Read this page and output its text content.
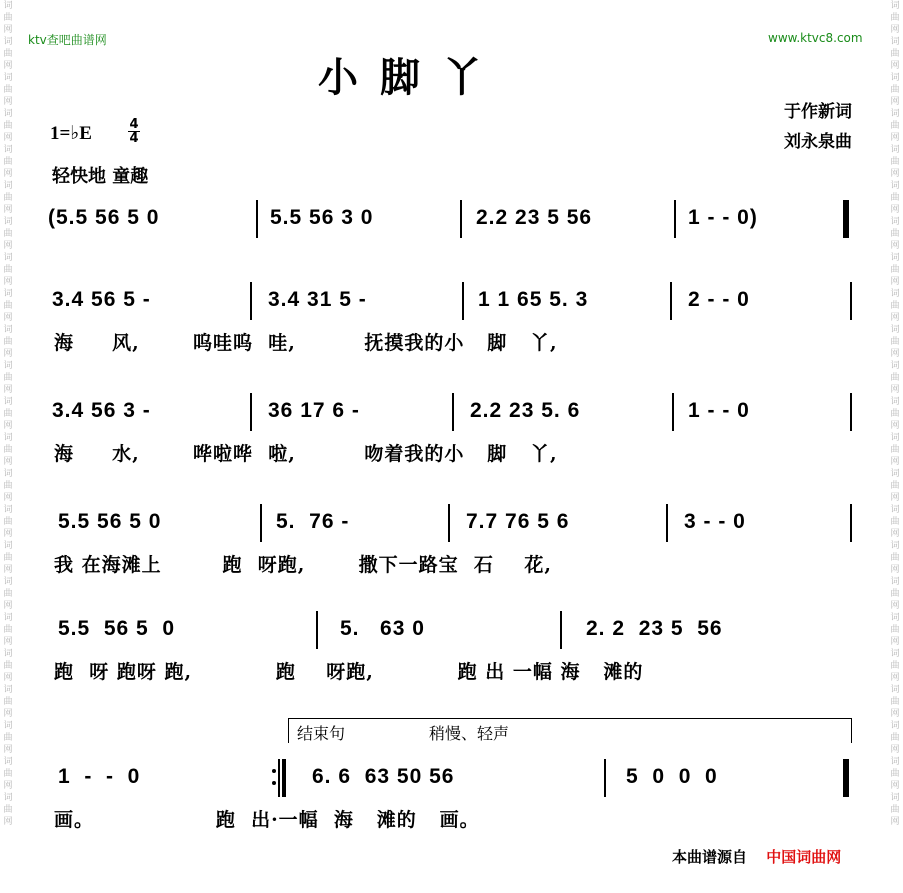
词曲网词曲网词曲网词曲网词曲网词曲网词曲网词曲网词曲网词曲网词曲网词曲网词曲网词曲网词曲网词曲网词曲网词曲网词曲网词曲网词曲网词曲网词曲网
词曲网词曲网词曲网词曲网词曲网词曲网词曲网词曲网词曲网词曲网词曲网词曲网词曲网词曲网词曲网词曲网词曲网词曲网词曲网词曲网词曲网词曲网词曲网
ktv查吧曲谱网	www.ktvc8.com
小脚丫
于作新词
刘永泉曲
1=♭E	4
4
轻快地 童趣
(5.5 56 5 0	5.5 56 3 0	2.2 23 5 56	1 - - 0)
3.4 56 5 -	3.4 31 5 -	1 1 65 5. 3	2 - - 0
海     风,       呜哇呜  哇,         抚摸我的小   脚   丫,
3.4 56 3 -	36 17 6 -	2.2 23 5. 6	1 - - 0
海     水,       哗啦哗  啦,         吻着我的小   脚   丫,
5.5 56 5 0	5.  76 -	7.7 76 5 6	3 - - 0
我 在海滩上        跑  呀跑,       撒下一路宝  石    花,
5.5  56 5  0	5.   63 0	2. 2  23 5  56
跑  呀 跑呀 跑,           跑    呀跑,           跑 出 一幅 海   滩的
结束句	稍慢、轻声
1  -  -  0	6. 6  63 50 56	5  0  0  0
画。                跑  出·一幅  海   滩的   画。
本曲谱源自 中国词曲网
